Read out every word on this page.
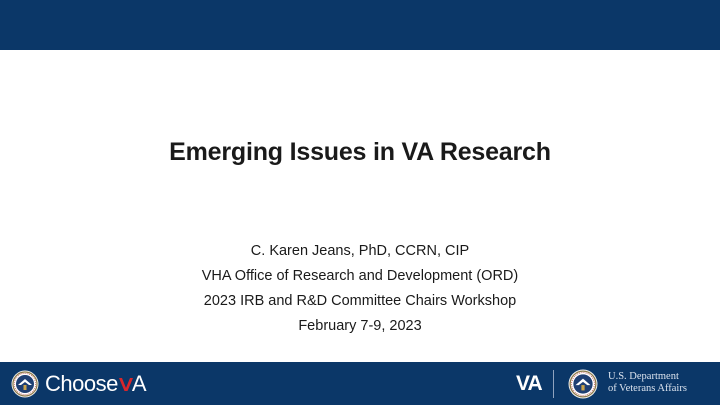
Emerging Issues in VA Research
C. Karen Jeans, PhD, CCRN, CIP
VHA Office of Research and Development (ORD)
2023 IRB and R&D Committee Chairs Workshop
February 7-9, 2023
Choose A	VA	U.S. Department
of Veterans Affairs
